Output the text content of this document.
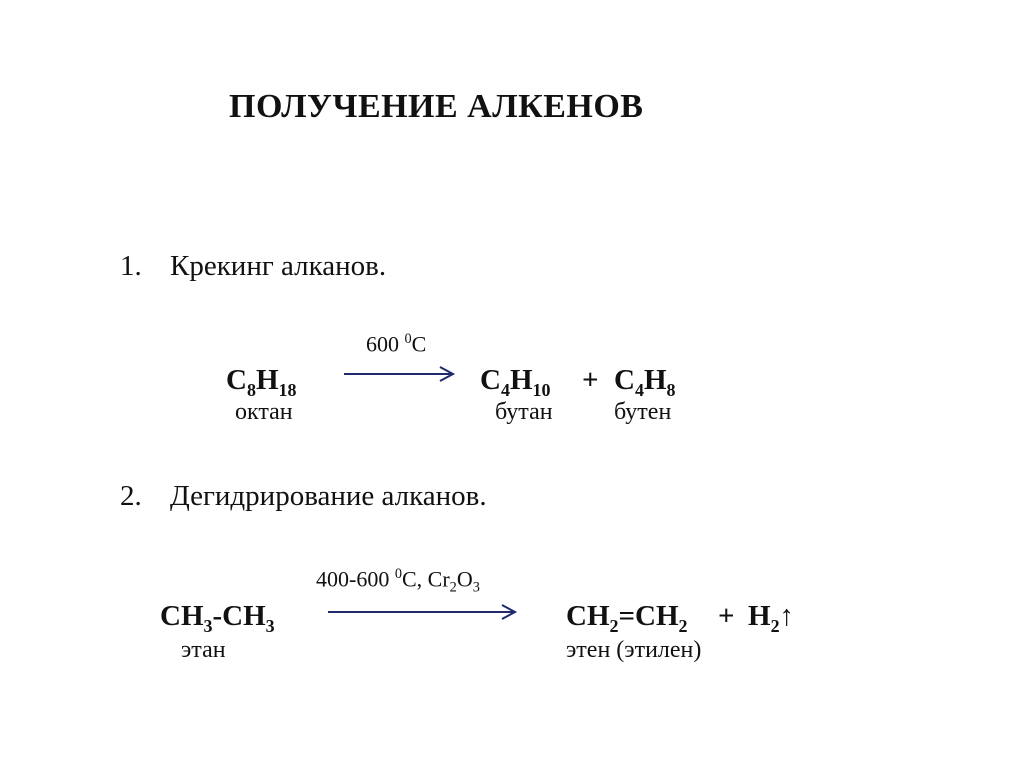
ПОЛУЧЕНИЕ АЛКЕНОВ
1. Крекинг алканов.
600 $^0$С
$C_8H_{18}$
октан
$C_4H_{10} + C_4H_8$
бутан	бутен
2. Дегидрирование алканов.
400-600 $^0$С, $Cr_2O_3$
$CH_3-CH_3$
этан
$CH_2=CH_2$ + $H_2↑$
этен (этилен)
